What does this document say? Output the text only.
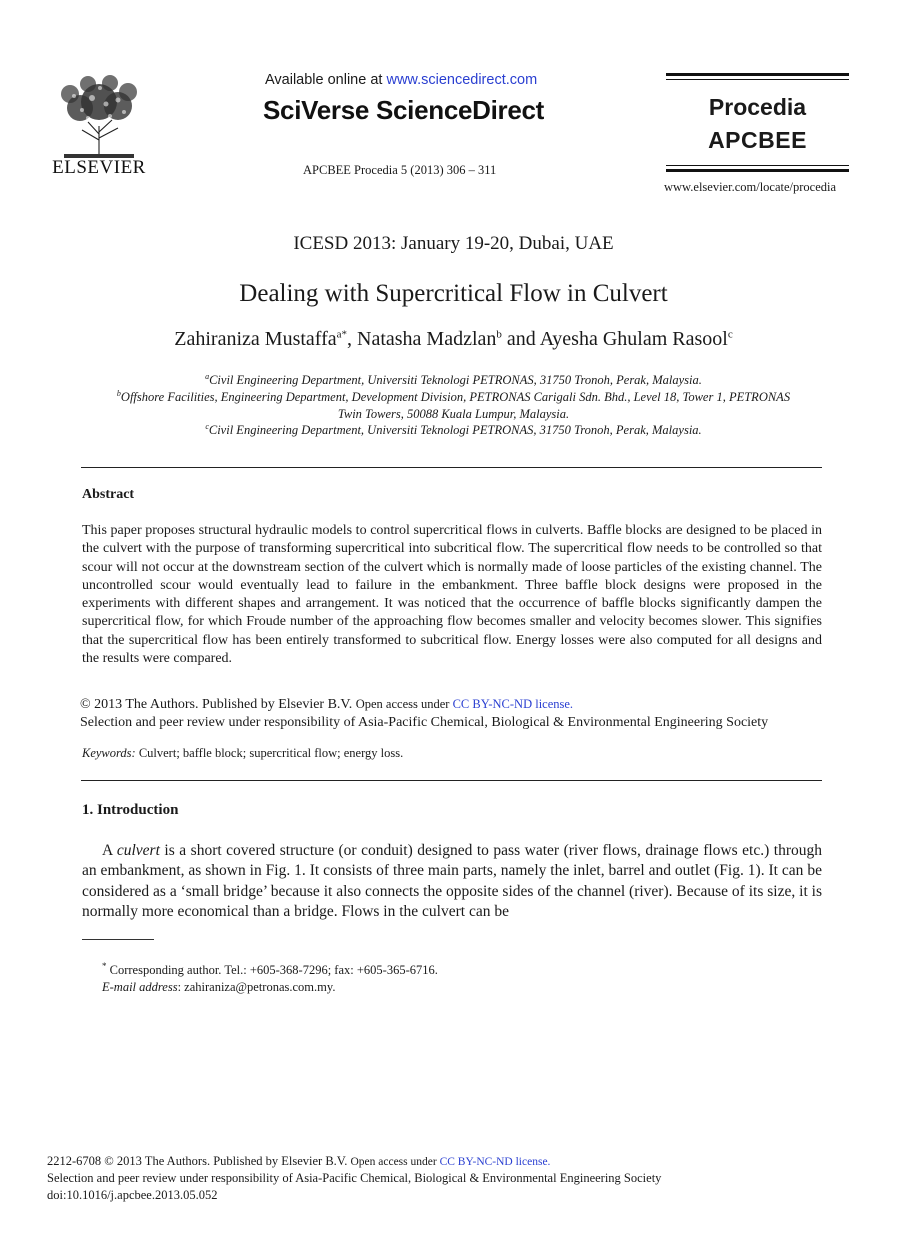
ELSEVIER
Available online at www.sciencedirect.com
SciVerse ScienceDirect
APCBEE Procedia 5 (2013) 306 – 311
Procedia
APCBEE
www.elsevier.com/locate/procedia
ICESD 2013: January 19-20, Dubai, UAE
Dealing with Supercritical Flow in Culvert
Zahiraniza Mustaffa$^{a*}$, Natasha Madzlan$^b$ and Ayesha Ghulam Rasool$^c$
$^a$Civil Engineering Department, Universiti Teknologi PETRONAS, 31750 Tronoh, Perak, Malaysia.
$^b$Offshore Facilities, Engineering Department, Development Division, PETRONAS Carigali Sdn. Bhd., Level 18, Tower 1, PETRONAS
Twin Towers, 50088 Kuala Lumpur, Malaysia.
$^c$Civil Engineering Department, Universiti Teknologi PETRONAS, 31750 Tronoh, Perak, Malaysia.
Abstract
This paper proposes structural hydraulic models to control supercritical flows in culverts. Baffle blocks are designed to be placed in the culvert with the purpose of transforming supercritical into subcritical flow. The supercritical flow needs to be controlled so that scour will not occur at the downstream section of the culvert which is normally made of loose particles of the existing channel. The uncontrolled scour would eventually lead to failure in the embankment. Three baffle block designs were proposed in the experiments with different shapes and arrangement. It was noticed that the occurrence of baffle blocks significantly dampen the supercritical flow, for which Froude number of the approaching flow becomes smaller and velocity becomes slower. This signifies that the supercritical flow has been entirely transformed to subcritical flow. Energy losses were also computed for all designs and the results were compared.
© 2013 The Authors. Published by Elsevier B.V. Open access under CC BY-NC-ND license.
Selection and peer review under responsibility of Asia-Pacific Chemical, Biological & Environmental Engineering Society
Keywords: Culvert; baffle block; supercritical flow; energy loss.
1. Introduction
A culvert is a short covered structure (or conduit) designed to pass water (river flows, drainage flows etc.) through an embankment, as shown in Fig. 1. It consists of three main parts, namely the inlet, barrel and outlet (Fig. 1). It can be considered as a ‘small bridge’ because it also connects the opposite sides of the channel (river). Because of its size, it is normally more economical than a bridge. Flows in the culvert can be
* Corresponding author. Tel.: +605-368-7296; fax: +605-365-6716.
E-mail address: zahiraniza@petronas.com.my.
2212-6708 © 2013 The Authors. Published by Elsevier B.V. Open access under CC BY-NC-ND license.
Selection and peer review under responsibility of Asia-Pacific Chemical, Biological & Environmental Engineering Society
doi:10.1016/j.apcbee.2013.05.052
